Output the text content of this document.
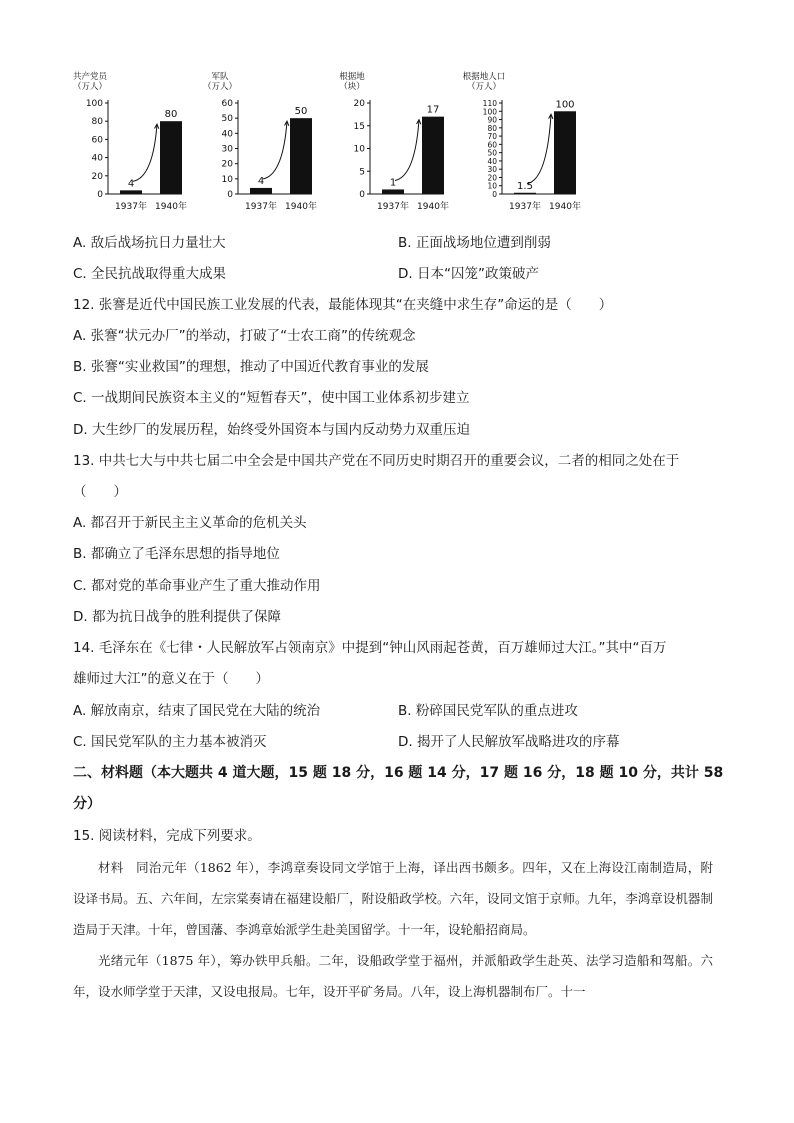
共产党员
（万人）
0
20
40
60
80
100
4
1937年
80
1940年
军队
（万人）
0
10
20
30
40
50
60
4
1937年
50
1940年
根据地
（块）
0
5
10
15
20
1
1937年
17
1940年
根据地人口
（万人）
0
10
20
30
40
50
60
70
80
90
100
110
1.5
1937年
100
1940年
A. 敌后战场抗日力量壮大	B. 正面战场地位遭到削弱
C. 全民抗战取得重大成果	D. 日本“囚笼”政策破产
12. 张謇是近代中国民族工业发展的代表，最能体现其“在夹缝中求生存”命运的是（　　）
A. 张謇“状元办厂”的举动，打破了“士农工商”的传统观念
B. 张謇“实业救国”的理想，推动了中国近代教育事业的发展
C. 一战期间民族资本主义的“短暂春天”，使中国工业体系初步建立
D. 大生纱厂的发展历程，始终受外国资本与国内反动势力双重压迫
13. 中共七大与中共七届二中全会是中国共产党在不同历史时期召开的重要会议，二者的相同之处在于
（　　）
A. 都召开于新民主主义革命的危机关头
B. 都确立了毛泽东思想的指导地位
C. 都对党的革命事业产生了重大推动作用
D. 都为抗日战争的胜利提供了保障
14. 毛泽东在《七律・人民解放军占领南京》中提到“钟山风雨起苍黄，百万雄师过大江。”其中“百万
雄师过大江”的意义在于（　　）
A. 解放南京，结束了国民党在大陆的统治	B. 粉碎国民党军队的重点进攻
C. 国民党军队的主力基本被消灭	D. 揭开了人民解放军战略进攻的序幕
二、材料题（本大题共 4 道大题，15 题 18 分，16 题 14 分，17 题 16 分，18 题 10 分，共计 58
分）
15. 阅读材料，完成下列要求。

材料　同治元年（1862 年），李鸿章奏设同文学馆于上海，译出西书颇多。四年，又在上海设江南制造局，附设译书局。五、六年间，左宗棠奏请在福建设船厂，附设船政学校。六年，设同文馆于京师。九年，李鸿章设机器制造局于天津。十年，曾国藩、李鸿章始派学生赴美国留学。十一年，设轮船招商局。

光绪元年（1875 年），筹办铁甲兵船。二年，设船政学堂于福州，并派船政学生赴英、法学习造船和驾船。六年，设水师学堂于天津，又设电报局。七年，设开平矿务局。八年，设上海机器制布厂。十一
